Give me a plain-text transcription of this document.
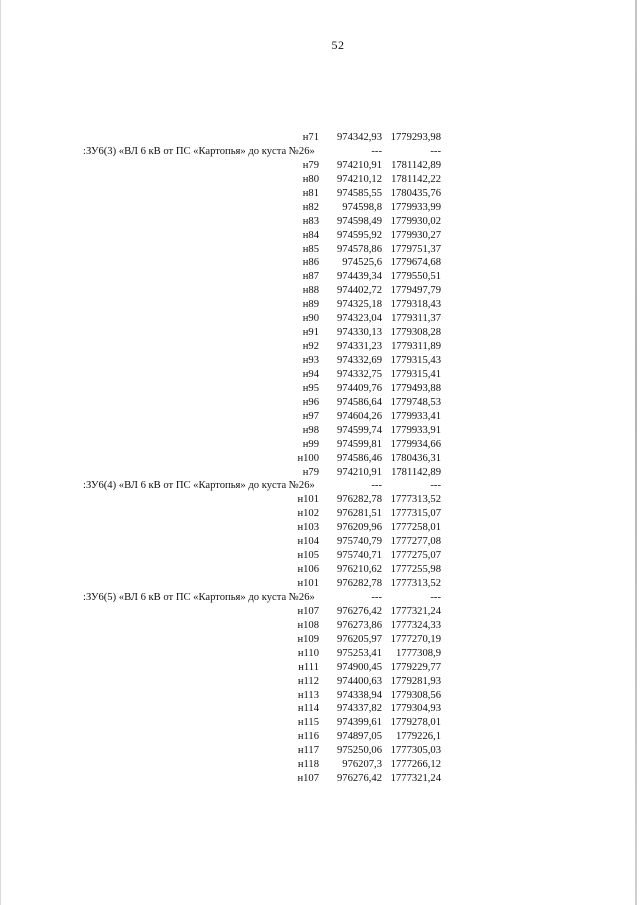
52
н71 974342,93 1779293,98
:ЗУ6(3) «ВЛ 6 кВ от ПС «Картопья» до куста №26»	---	---
н79 974210,91 1781142,89
н80 974210,12 1781142,22
н81 974585,55 1780435,76
н82 974598,8 1779933,99
н83 974598,49 1779930,02
н84 974595,92 1779930,27
н85 974578,86 1779751,37
н86 974525,6 1779674,68
н87 974439,34 1779550,51
н88 974402,72 1779497,79
н89 974325,18 1779318,43
н90 974323,04 1779311,37
н91 974330,13 1779308,28
н92 974331,23 1779311,89
н93 974332,69 1779315,43
н94 974332,75 1779315,41
н95 974409,76 1779493,88
н96 974586,64 1779748,53
н97 974604,26 1779933,41
н98 974599,74 1779933,91
н99 974599,81 1779934,66
н100 974586,46 1780436,31
н79 974210,91 1781142,89
:ЗУ6(4) «ВЛ 6 кВ от ПС «Картопья» до куста №26»	---	---
н101 976282,78 1777313,52
н102 976281,51 1777315,07
н103 976209,96 1777258,01
н104 975740,79 1777277,08
н105 975740,71 1777275,07
н106 976210,62 1777255,98
н101 976282,78 1777313,52
:ЗУ6(5) «ВЛ 6 кВ от ПС «Картопья» до куста №26»	---	---
н107 976276,42 1777321,24
н108 976273,86 1777324,33
н109 976205,97 1777270,19
н110 975253,41 1777308,9
н111 974900,45 1779229,77
н112 974400,63 1779281,93
н113 974338,94 1779308,56
н114 974337,82 1779304,93
н115 974399,61 1779278,01
н116 974897,05 1779226,1
н117 975250,06 1777305,03
н118 976207,3 1777266,12
н107 976276,42 1777321,24
